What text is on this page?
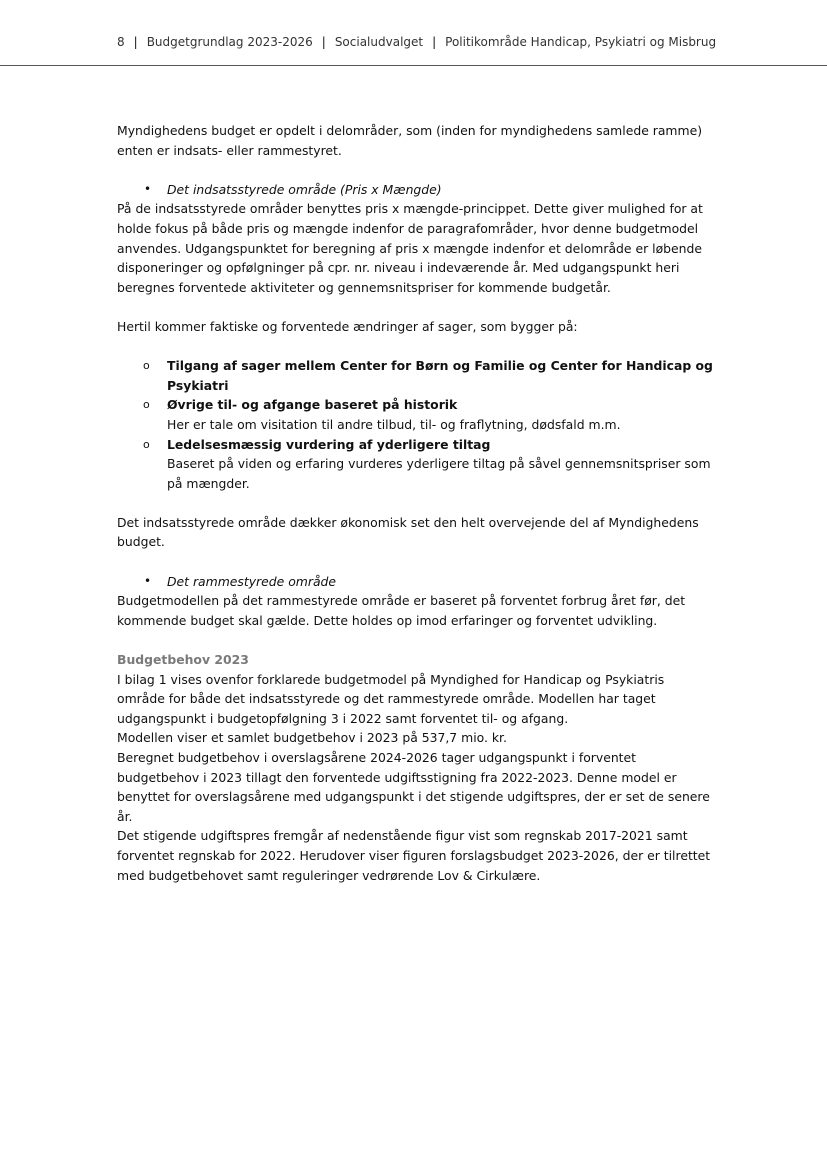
8 | Budgetgrundlag 2023-2026 | Socialudvalget | Politikområde Handicap, Psykiatri og Misbrug

Myndighedens budget er opdelt i delområder, som (inden for myndighedens samlede ramme) enten er indsats- eller rammestyret.

• Det indsatsstyrede område (Pris x Mængde)

På de indsatsstyrede områder benyttes pris x mængde-princippet. Dette giver mulighed for at holde fokus på både pris og mængde indenfor de paragrafområder, hvor denne budgetmodel anvendes. Udgangspunktet for beregning af pris x mængde indenfor et delområde er løbende disponeringer og opfølgninger på cpr. nr. niveau i indeværende år. Med udgangspunkt heri beregnes forventede aktiviteter og gennemsnitspriser for kommende budgetår.

Hertil kommer faktiske og forventede ændringer af sager, som bygger på:

o Tilgang af sager mellem Center for Børn og Familie og Center for Handicap og Psykiatri
o Øvrige til- og afgange baseret på historik
Her er tale om visitation til andre tilbud, til- og fraflytning, dødsfald m.m.
o Ledelsesmæssig vurdering af yderligere tiltag
Baseret på viden og erfaring vurderes yderligere tiltag på såvel gennemsnitspriser som på mængder.

Det indsatsstyrede område dækker økonomisk set den helt overvejende del af Myndighedens budget.

• Det rammestyrede område

Budgetmodellen på det rammestyrede område er baseret på forventet forbrug året før, det kommende budget skal gælde. Dette holdes op imod erfaringer og forventet udvikling.

Budgetbehov 2023

I bilag 1 vises ovenfor forklarede budgetmodel på Myndighed for Handicap og Psykiatris område for både det indsatsstyrede og det rammestyrede område. Modellen har taget udgangspunkt i budgetopfølgning 3 i 2022 samt forventet til- og afgang.

Modellen viser et samlet budgetbehov i 2023 på 537,7 mio. kr.

Beregnet budgetbehov i overslagsårene 2024-2026 tager udgangspunkt i forventet budgetbehov i 2023 tillagt den forventede udgiftsstigning fra 2022-2023. Denne model er benyttet for overslagsårene med udgangspunkt i det stigende udgiftspres, der er set de senere år.

Det stigende udgiftspres fremgår af nedenstående figur vist som regnskab 2017-2021 samt forventet regnskab for 2022. Herudover viser figuren forslagsbudget 2023-2026, der er tilrettet med budgetbehovet samt reguleringer vedrørende Lov & Cirkulære.
